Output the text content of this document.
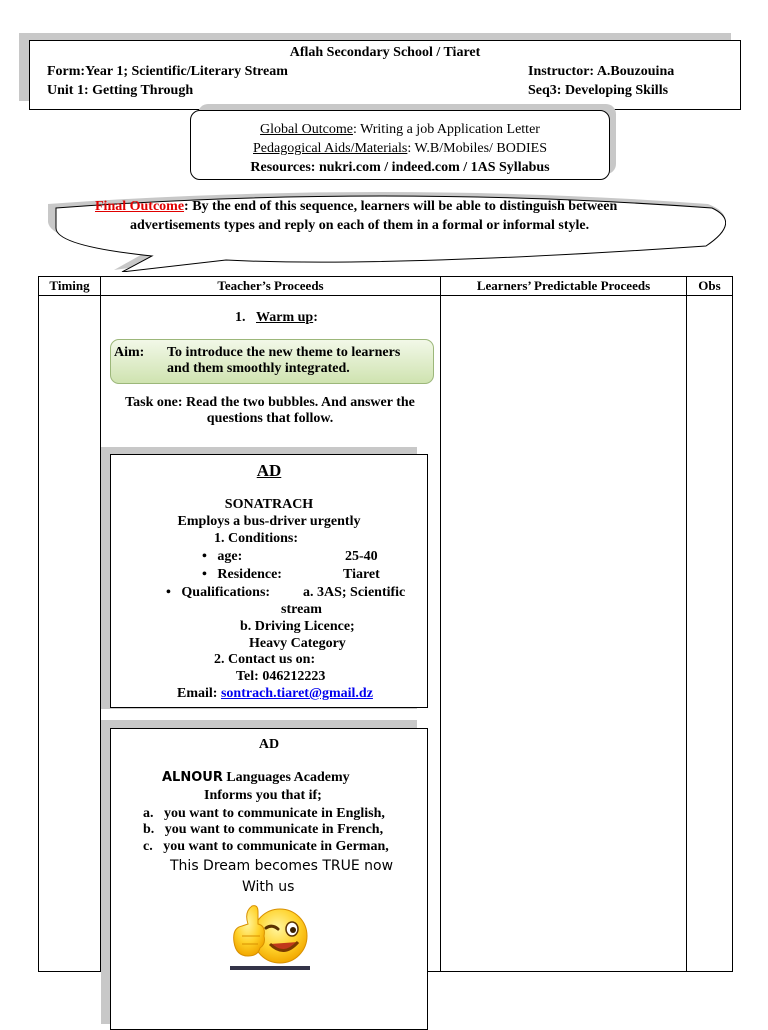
Aflah Secondary School / Tiaret
Form:Year 1; Scientific/Literary Stream	Instructor: A.Bouzouina
Unit 1: Getting Through	Seq3: Developing Skills
Global Outcome: Writing a job Application Letter
Pedagogical Aids/Materials: W.B/Mobiles/ BODIES
Resources: nukri.com / indeed.com / 1AS Syllabus
Final Outcome: By the end of this sequence, learners will be able to distinguish between
advertisements types and reply on each of them in a formal or informal style.
Timing	Teacher’s Proceeds	Learners’ Predictable Proceeds	Obs
1. Warm up:
Aim: To introduce the new theme to learners
and them smoothly integrated.
Task one: Read the two bubbles. And answer the
questions that follow.
AD
SONATRACH
Employs a bus-driver urgently
1. Conditions:
• age:	25-40
• Residence:	Tiaret
• Qualifications: a. 3AS; Scientific
stream
b. Driving Licence;
Heavy Category
2. Contact us on:
Tel: 046212223
Email: sontrach.tiaret@gmail.dz
AD
ALNOUR Languages Academy
Informs you that if;
a. you want to communicate in English,
b. you want to communicate in French,
c. you want to communicate in German,
This Dream becomes TRUE now
With us
